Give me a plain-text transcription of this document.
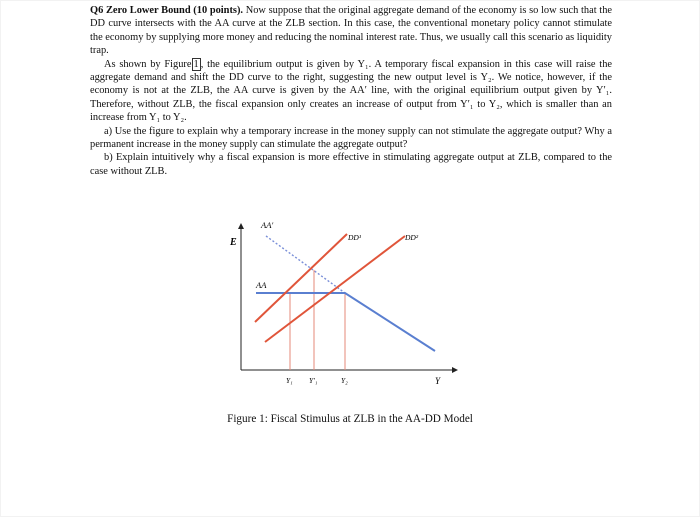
Q6 Zero Lower Bound (10 points). Now suppose that the original aggregate demand of the economy is so low such that the DD curve intersects with the AA curve at the ZLB section. In this case, the conventional monetary policy cannot stimulate the economy by supplying more money and reducing the nominal interest rate. Thus, we usually call this scenario as liquidity trap.

As shown by Figure 1 , the equilibrium output is given by Y₁. A temporary fiscal expansion in this case will raise the aggregate demand and shift the DD curve to the right, suggesting the new output level is Y₂. We notice, however, if the economy is not at the ZLB, the AA curve is given by the AA′ line, with the original equilibrium output given by Y′₁. Therefore, without ZLB, the fiscal expansion only creates an increase of output from Y′₁ to Y₂, which is smaller than an increase from Y₁ to Y₂.

a) Use the figure to explain why a temporary increase in the money supply can not stimulate the aggregate output? Why a permanent increase in the money supply can stimulate the aggregate output?

b) Explain intuitively why a fiscal expansion is more effective in stimulating aggregate output at ZLB, compared to the case without ZLB.

E
AA′
AA
DD¹	DD²
Y₁ Y′₁	Y₂	Y
Figure 1: Fiscal Stimulus at ZLB in the AA-DD Model
